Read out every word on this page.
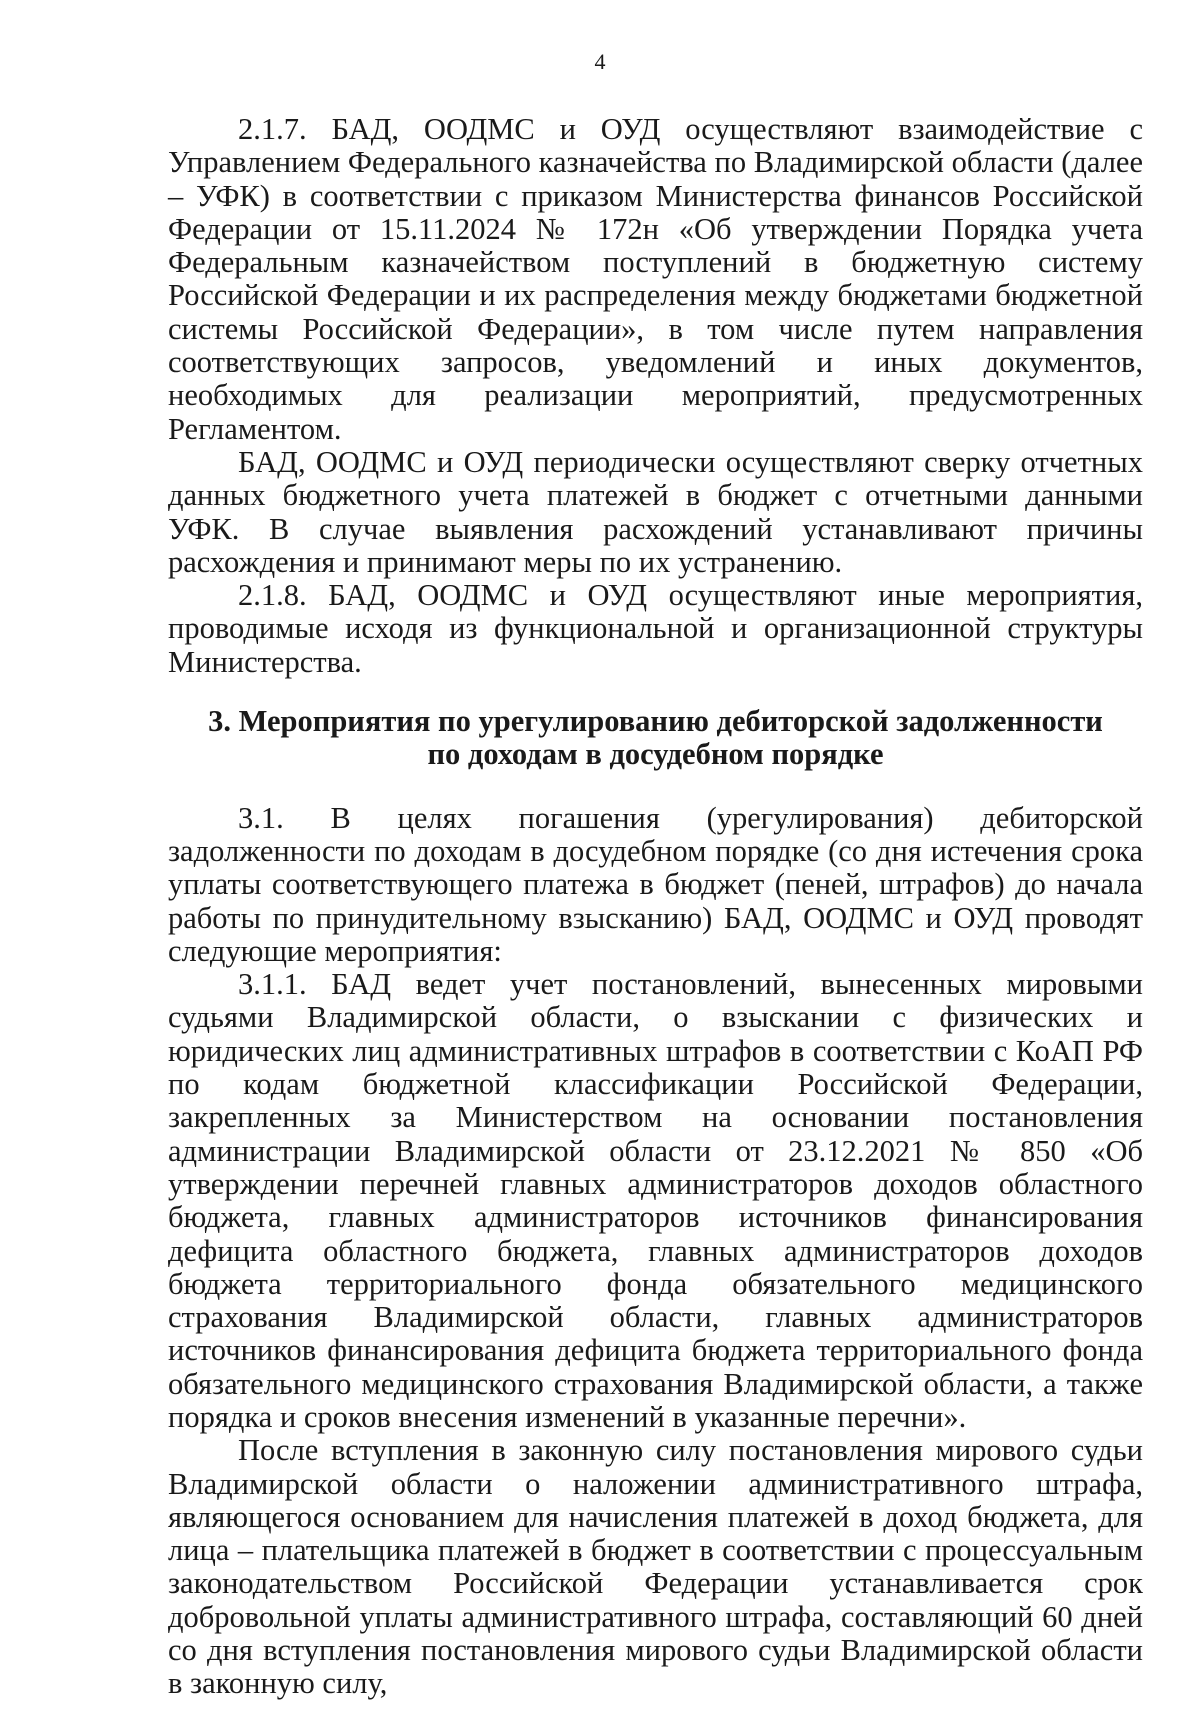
4

2.1.7. БАД, ООДМС и ОУД осуществляют взаимодействие с Управлением Федерального казначейства по Владимирской области (далее – УФК) в соответствии с приказом Министерства финансов Российской Федерации от 15.11.2024 № 172н «Об утверждении Порядка учета Федеральным казначейством поступлений в бюджетную систему Российской Федерации и их распределения между бюджетами бюджетной системы Российской Федерации», в том числе путем направления соответствующих запросов, уведомлений и иных документов, необходимых для реализации мероприятий, предусмотренных Регламентом.

БАД, ООДМС и ОУД периодически осуществляют сверку отчетных данных бюджетного учета платежей в бюджет с отчетными данными УФК. В случае выявления расхождений устанавливают причины расхождения и принимают меры по их устранению.

2.1.8. БАД, ООДМС и ОУД осуществляют иные мероприятия, проводимые исходя из функциональной и организационной структуры Министерства.

3. Мероприятия по урегулированию дебиторской задолженности
по доходам в досудебном порядке

3.1. В целях погашения (урегулирования) дебиторской задолженности по доходам в досудебном порядке (со дня истечения срока уплаты соответствующего платежа в бюджет (пеней, штрафов) до начала работы по принудительному взысканию) БАД, ООДМС и ОУД проводят следующие мероприятия:

3.1.1. БАД ведет учет постановлений, вынесенных мировыми судьями Владимирской области, о взыскании с физических и юридических лиц административных штрафов в соответствии с КоАП РФ по кодам бюджетной классификации Российской Федерации, закрепленных за Министерством на основании постановления администрации Владимирской области от 23.12.2021 № 850 «Об утверждении перечней главных администраторов доходов областного бюджета, главных администраторов источников финансирования дефицита областного бюджета, главных администраторов доходов бюджета территориального фонда обязательного медицинского страхования Владимирской области, главных администраторов источников финансирования дефицита бюджета территориального фонда обязательного медицинского страхования Владимирской области, а также порядка и сроков внесения изменений в указанные перечни».

После вступления в законную силу постановления мирового судьи Владимирской области о наложении административного штрафа, являющегося основанием для начисления платежей в доход бюджета, для лица – плательщика платежей в бюджет в соответствии с процессуальным законодательством Российской Федерации устанавливается срок добровольной уплаты административного штрафа, составляющий 60 дней со дня вступления постановления мирового судьи Владимирской области в законную силу,
